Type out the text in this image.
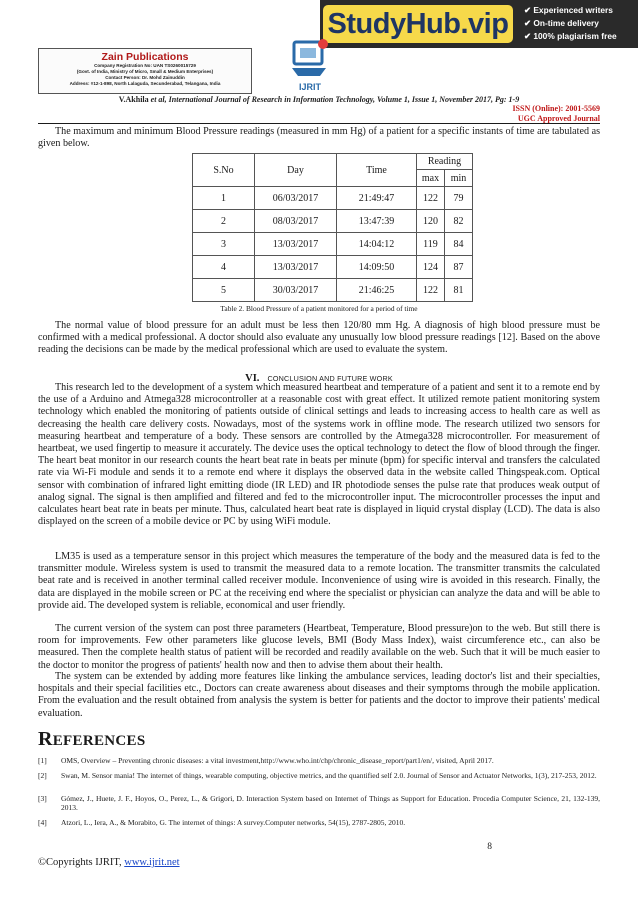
StudyHub.vip	✔ Experienced writers
✔ On-time delivery
✔ 100% plagiarism free
Zain Publications
Company Registration No: UAN TS0260015729
(Govt. of India, Ministry of Micro, Small & Medium Enterprises)
Contact Person: Dr. Mohd Zainuddin
Address: #12-1-898, North Lalaguda, Secunderabad, Telangana, India	IJRIT
V.Akhila et al, International Journal of Research in Information Technology, Volume 1, Issue 1, November 2017, Pg: 1-9
ISSN (Online): 2001-5569
UGC Approved Journal
The maximum and minimum Blood Pressure readings (measured in mm Hg) of a patient for a specific instants of time are tabulated as given below.
S.No	Day	Time	Reading	
			max	min
1	06/03/2017	21:49:47	122	79
2	08/03/2017	13:47:39	120	82
3	13/03/2017	14:04:12	119	84
4	13/03/2017	14:09:50	124	87
5	30/03/2017	21:46:25	122	81
Table 2. Blood Pressure of a patient monitored for a period of time
The normal value of blood pressure for an adult must be less then 120/80 mm Hg. A diagnosis of high blood pressure must be confirmed with a medical professional. A doctor should also evaluate any unusually low blood pressure readings [12]. Based on the above reading the decisions can be made by the medical professional which are used to evaluate the system.
VI. CONCLUSION AND FUTURE WORK
This research led to the development of a system which measured heartbeat and temperature of a patient and sent it to a remote end by the use of a Arduino and Atmega328 microcontroller at a reasonable cost with great effect. It utilized remote patient monitoring system technology which enabled the monitoring of patients outside of clinical settings and leads to increasing access to health care as well as decreasing the health care delivery costs. Nowadays, most of the systems work in offline mode. The research utilized two sensors for measuring heartbeat and temperature of a body. These sensors are controlled by the Atmega328 microcontroller. For measurement of heartbeat, we used fingertip to measure it accurately. The device uses the optical technology to detect the flow of blood through the finger. The heart beat monitor in our research counts the heart beat rate in beats per minute (bpm) for specific interval and transfers the calculated rate via Wi-Fi module and sends it to a remote end where it displays the observed data in the website called Thingspeak.com. Optical sensor with combination of infrared light emitting diode (IR LED) and IR photodiode senses the pulse rate that produces weak output of analog signal. The signal is then amplified and filtered and fed to the microcontroller input. The microcontroller processes the input and calculates heart beat rate in beats per minute. Thus, calculated heart beat rate is displayed in liquid crystal display (LCD). The data is also displayed on the screen of a mobile device or PC by using WiFi module.
LM35 is used as a temperature sensor in this project which measures the temperature of the body and the measured data is fed to the transmitter module. Wireless system is used to transmit the measured data to a remote location. The transmitter transmits the calculated beat rate and is received in another terminal called receiver module. Inconvenience of using wire is avoided in this research. Finally, the data are displayed in the mobile screen or PC at the receiving end where the specialist or physician can analyze the data and will be able to provide aid. The developed system is reliable, economical and user friendly.
The current version of the system can post three parameters (Heartbeat, Temperature, Blood pressure)on to the web. But still there is room for improvements. Few other parameters like glucose levels, BMI (Body Mass Index), waist circumference etc., can also be measured. Then the complete health status of patient will be recorded and readily available on the web. Such that it will be much easier to the doctor to monitor the progress of patients' health now and then to advise them about their health.
The system can be extended by adding more features like linking the ambulance services, leading doctor's list and their specialties, hospitals and their special facilities etc., Doctors can create awareness about diseases and their symptoms through the mobile application. From the evaluation and the result obtained from analysis the system is better for patients and the doctor to improve their patients' medical evaluation.
REFERENCES
[1] OMS, Overview – Preventing chronic diseases: a vital investment,http://www.who.int/chp/chronic_disease_report/part1/en/, visited, April 2017.
[2] Swan, M. Sensor mania! The internet of things, wearable computing, objective metrics, and the quantified self 2.0. Journal of Sensor and Actuator Networks, 1(3), 217-253, 2012.
[3] Gómez, J., Huete, J. F., Hoyos, O., Perez, L., & Grigori, D. Interaction System based on Internet of Things as Support for Education. Procedia Computer Science, 21, 132-139, 2013.
[4] Atzori, L., Iera, A., & Morabito, G. The internet of things: A survey.Computer networks, 54(15), 2787-2805, 2010.
8
©Copyrights IJRIT, www.ijrit.net
